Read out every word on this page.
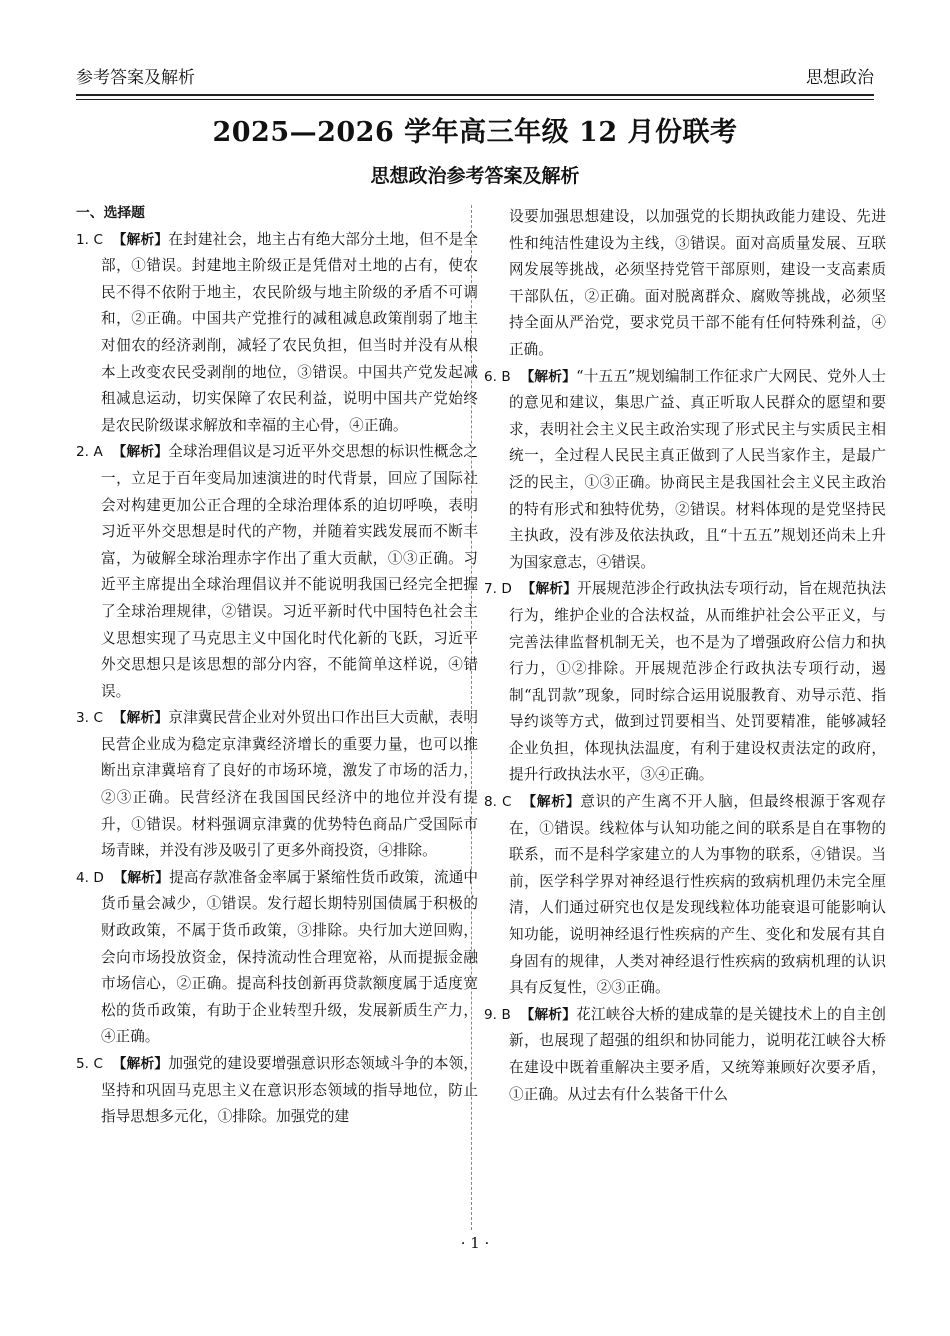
参考答案及解析	思想政治
2025—2026 学年高三年级 12 月份联考
思想政治参考答案及解析
一、选择题
1. C 【解析】在封建社会，地主占有绝大部分土地，但不是全部，①错误。封建地主阶级正是凭借对土地的占有，使农民不得不依附于地主，农民阶级与地主阶级的矛盾不可调和，②正确。中国共产党推行的减租减息政策削弱了地主对佃农的经济剥削，减轻了农民负担，但当时并没有从根本上改变农民受剥削的地位，③错误。中国共产党发起减租减息运动，切实保障了农民利益，说明中国共产党始终是农民阶级谋求解放和幸福的主心骨，④正确。
2. A 【解析】全球治理倡议是习近平外交思想的标识性概念之一，立足于百年变局加速演进的时代背景，回应了国际社会对构建更加公正合理的全球治理体系的迫切呼唤，表明习近平外交思想是时代的产物，并随着实践发展而不断丰富，为破解全球治理赤字作出了重大贡献，①③正确。习近平主席提出全球治理倡议并不能说明我国已经完全把握了全球治理规律，②错误。习近平新时代中国特色社会主义思想实现了马克思主义中国化时代化新的飞跃，习近平外交思想只是该思想的部分内容，不能简单这样说，④错误。
3. C 【解析】京津冀民营企业对外贸出口作出巨大贡献，表明民营企业成为稳定京津冀经济增长的重要力量，也可以推断出京津冀培育了良好的市场环境，激发了市场的活力，②③正确。民营经济在我国国民经济中的地位并没有提升，①错误。材料强调京津冀的优势特色商品广受国际市场青睐，并没有涉及吸引了更多外商投资，④排除。
4. D 【解析】提高存款准备金率属于紧缩性货币政策，流通中货币量会减少，①错误。发行超长期特别国债属于积极的财政政策，不属于货币政策，③排除。央行加大逆回购，会向市场投放资金，保持流动性合理宽裕，从而提振金融市场信心，②正确。提高科技创新再贷款额度属于适度宽松的货币政策，有助于企业转型升级，发展新质生产力，④正确。
5. C 【解析】加强党的建设要增强意识形态领域斗争的本领，坚持和巩固马克思主义在意识形态领域的指导地位，防止指导思想多元化，①排除。加强党的建
设要加强思想建设，以加强党的长期执政能力建设、先进性和纯洁性建设为主线，③错误。面对高质量发展、互联网发展等挑战，必须坚持党管干部原则，建设一支高素质干部队伍，②正确。面对脱离群众、腐败等挑战，必须坚持全面从严治党，要求党员干部不能有任何特殊利益，④正确。
6. B 【解析】“十五五”规划编制工作征求广大网民、党外人士的意见和建议，集思广益、真正听取人民群众的愿望和要求，表明社会主义民主政治实现了形式民主与实质民主相统一，全过程人民民主真正做到了人民当家作主，是最广泛的民主，①③正确。协商民主是我国社会主义民主政治的特有形式和独特优势，②错误。材料体现的是党坚持民主执政，没有涉及依法执政，且“十五五”规划还尚未上升为国家意志，④错误。
7. D 【解析】开展规范涉企行政执法专项行动，旨在规范执法行为，维护企业的合法权益，从而维护社会公平正义，与完善法律监督机制无关，也不是为了增强政府公信力和执行力，①②排除。开展规范涉企行政执法专项行动，遏制“乱罚款”现象，同时综合运用说服教育、劝导示范、指导约谈等方式，做到过罚要相当、处罚要精准，能够减轻企业负担，体现执法温度，有利于建设权责法定的政府，提升行政执法水平，③④正确。
8. C 【解析】意识的产生离不开人脑，但最终根源于客观存在，①错误。线粒体与认知功能之间的联系是自在事物的联系，而不是科学家建立的人为事物的联系，④错误。当前，医学科学界对神经退行性疾病的致病机理仍未完全厘清，人们通过研究也仅是发现线粒体功能衰退可能影响认知功能，说明神经退行性疾病的产生、变化和发展有其自身固有的规律，人类对神经退行性疾病的致病机理的认识具有反复性，②③正确。
9. B 【解析】花江峡谷大桥的建成靠的是关键技术上的自主创新，也展现了超强的组织和协同能力，说明花江峡谷大桥在建设中既着重解决主要矛盾，又统筹兼顾好次要矛盾，①正确。从过去有什么装备干什么
· 1 ·
